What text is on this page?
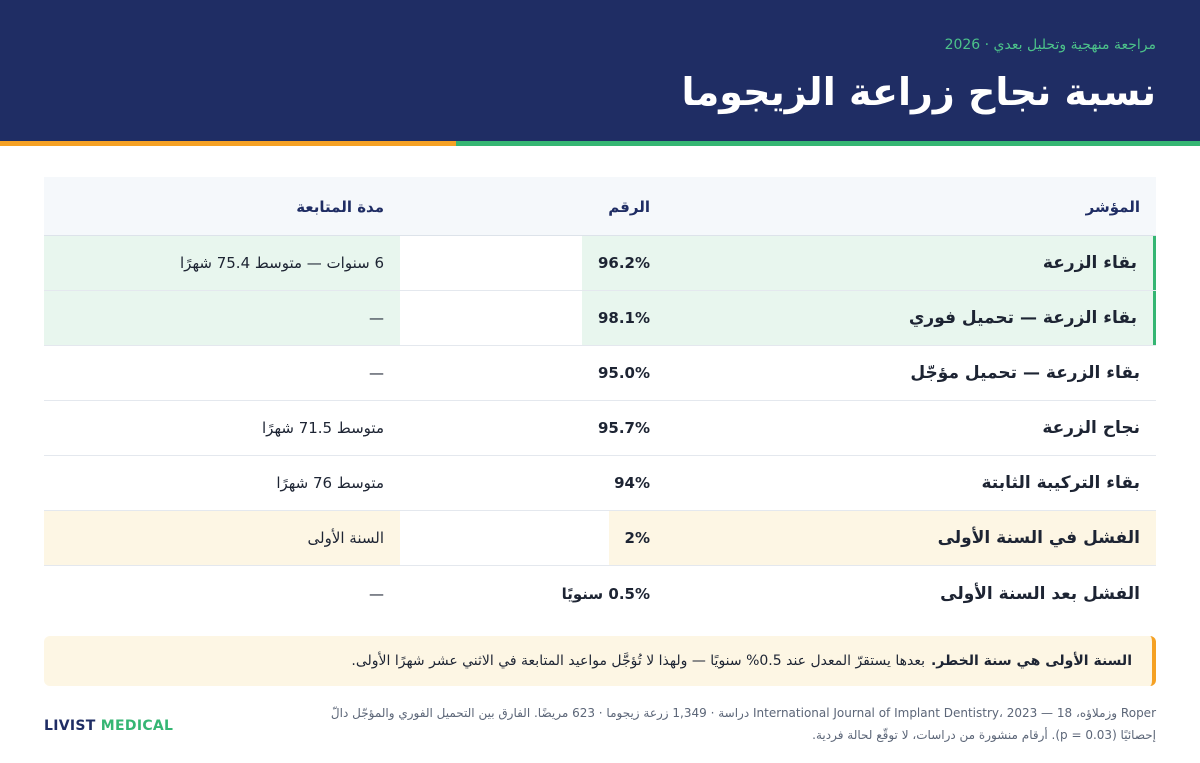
مراجعة منهجية وتحليل بعدي · 2026
نسبة نجاح زراعة الزيجوما
المؤشر
الرقم
مدة المتابعة
بقاء الزرعة
96.2%
6 سنوات — متوسط 75.4 شهرًا
بقاء الزرعة — تحميل فوري
98.1%
—
بقاء الزرعة — تحميل مؤجّل
95.0%
—
نجاح الزرعة
95.7%
متوسط 71.5 شهرًا
بقاء التركيبة الثابتة
94%
متوسط 76 شهرًا
الفشل في السنة الأولى
2%
السنة الأولى
الفشل بعد السنة الأولى
0.5% سنويًا
—
السنة الأولى هي سنة الخطر.
بعدها يستقرّ المعدل عند 0.5% سنويًا — ولهذا لا تُؤجَّل مواعيد المتابعة في الاثني عشر شهرًا الأولى.
Roper وزملاؤه، 18 — International Journal of Implant Dentistry، 2023 دراسة · 1,349 زرعة زيجوما · 623 مريضًا. الفارق بين التحميل الفوري والمؤجّل دالّ
إحصائيًا (p = 0.03). أرقام منشورة من دراسات، لا توقّع لحالة فردية.
LIVIST MEDICAL
